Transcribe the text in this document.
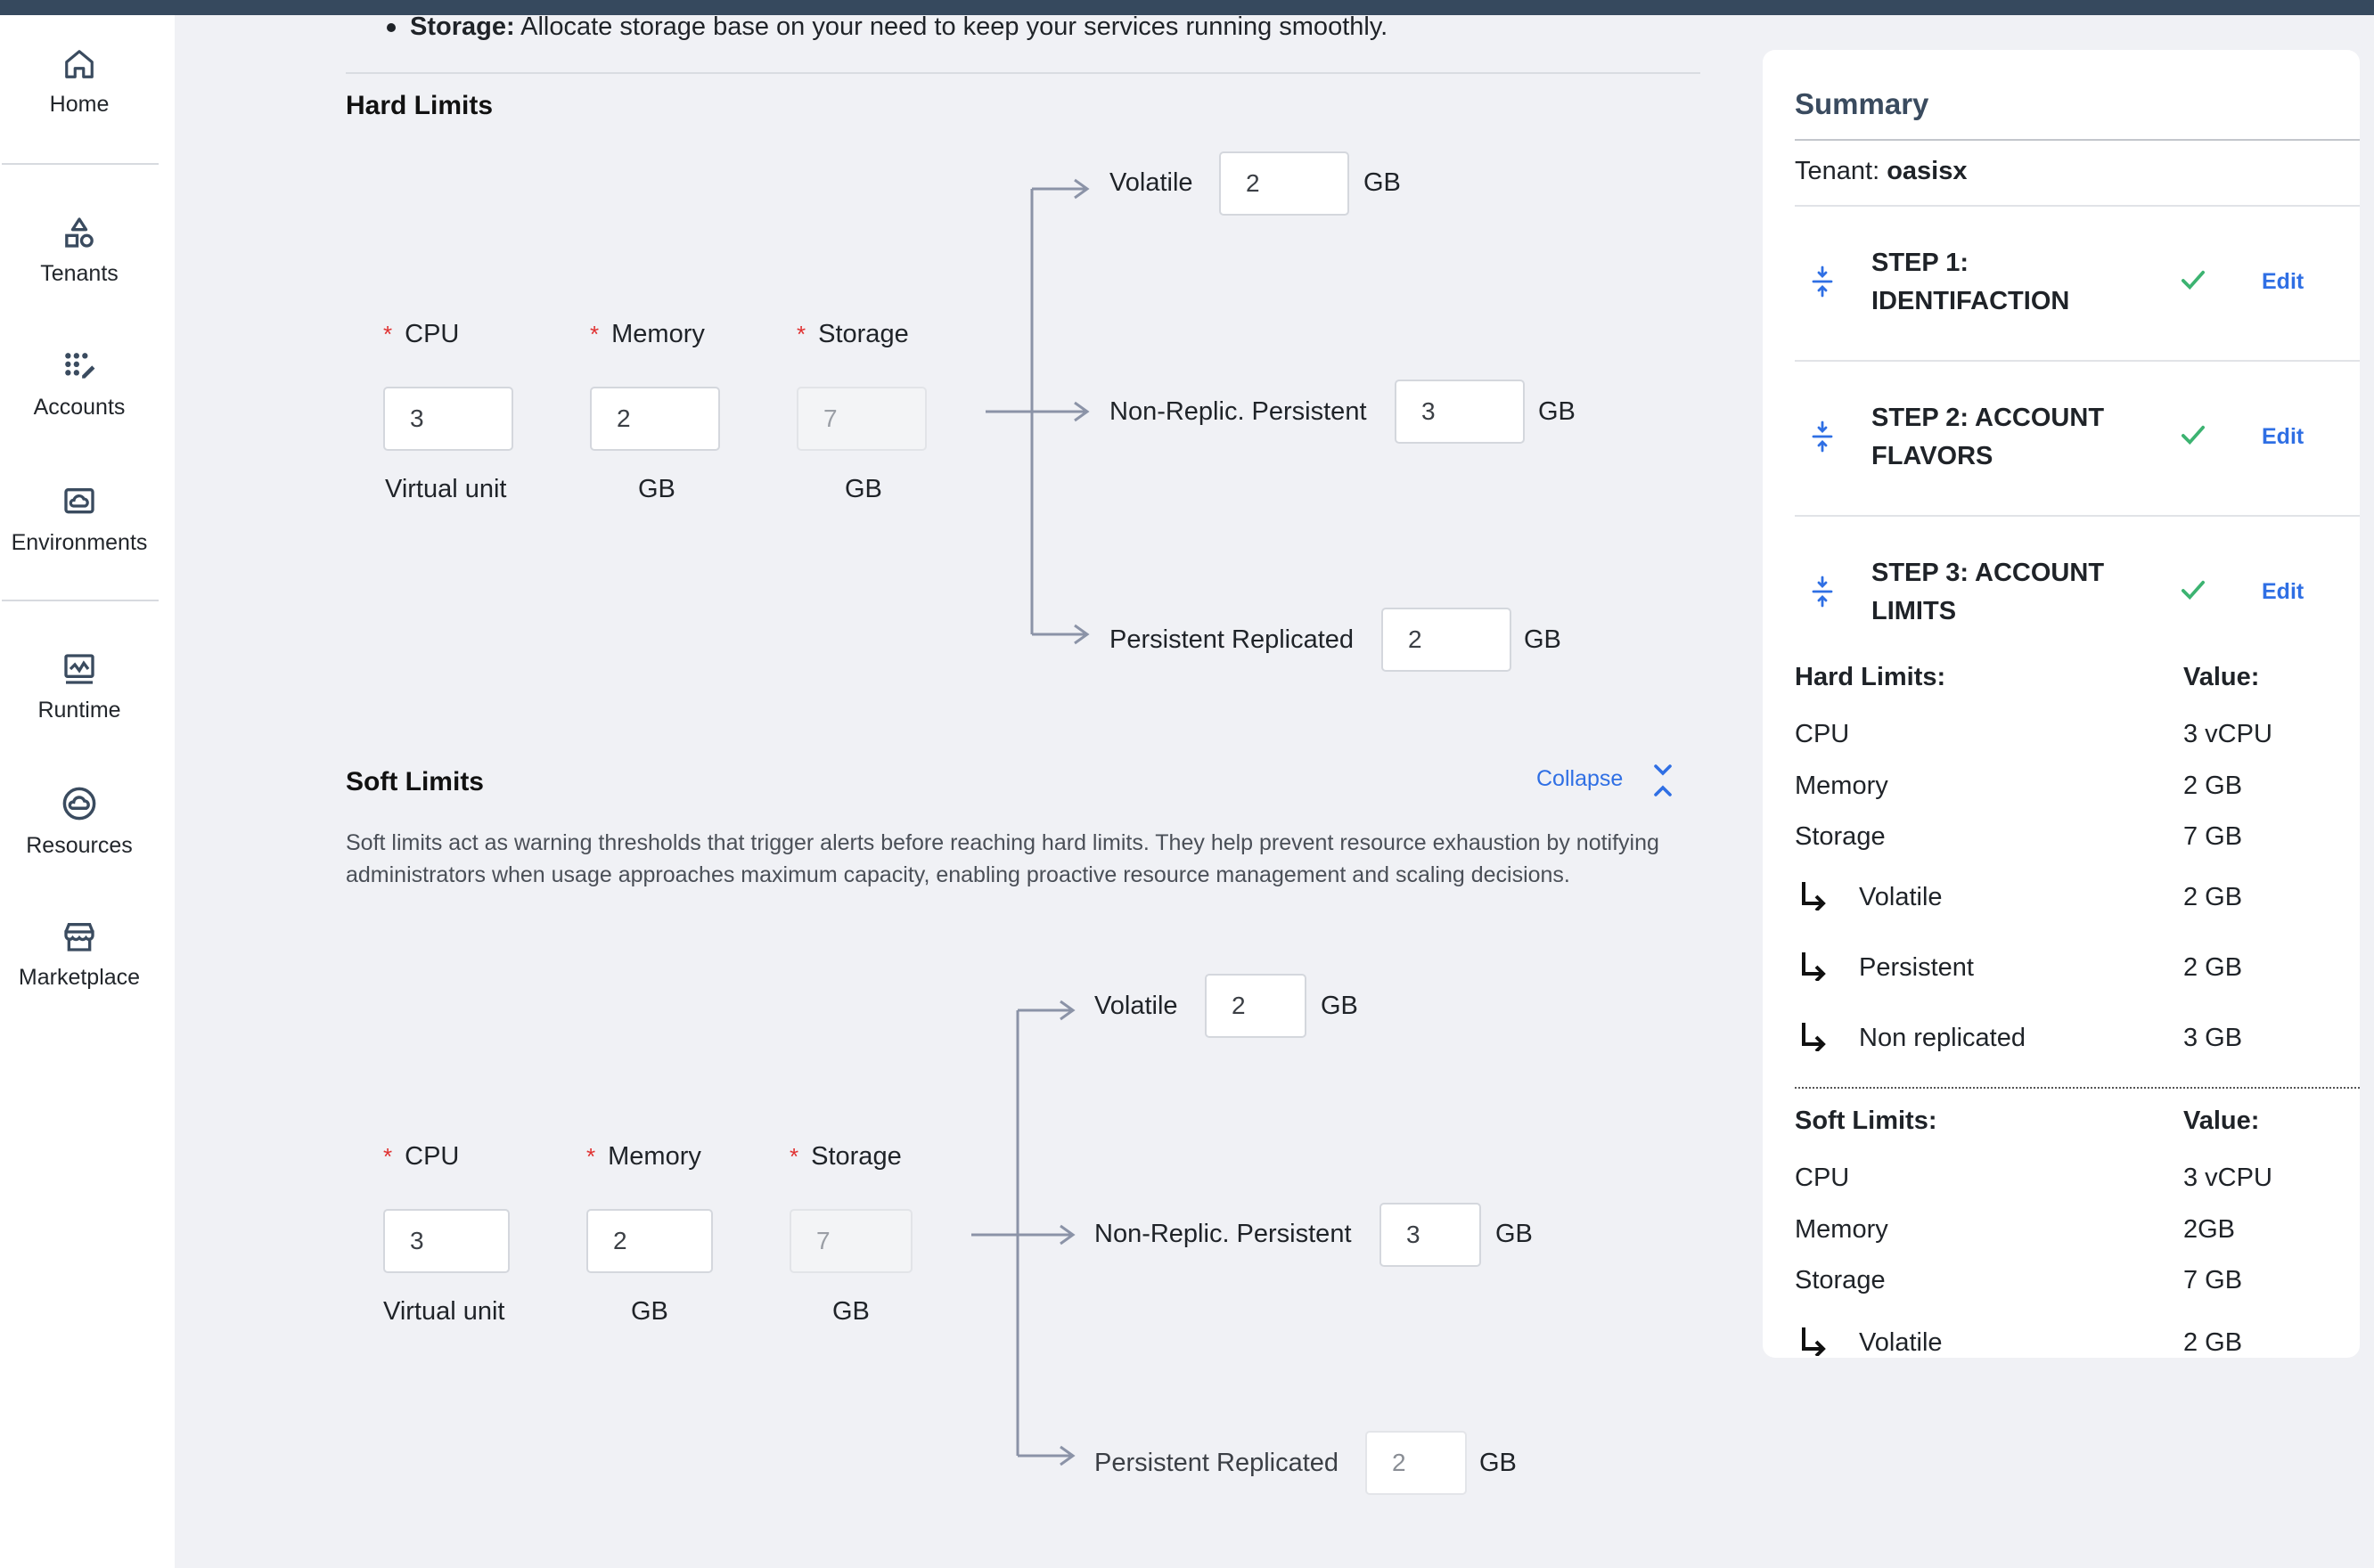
Home
Tenants
Accounts
Environments
Runtime
Resources
Marketplace
Storage: Allocate storage base on your need to keep your services running smoothly.
Hard Limits
* CPU	* Memory	* Storage
3	2	7
Virtual unit	GB	GB
Volatile	2	GB
Non-Replic. Persistent	3	GB
Persistent Replicated	2	GB
Soft Limits	Collapse
Soft limits act as warning thresholds that trigger alerts before reaching hard limits. They help prevent resource exhaustion by notifying administrators when usage approaches maximum capacity, enabling proactive resource management and scaling decisions.
* CPU	* Memory	* Storage
3	2	7
Virtual unit	GB	GB
Volatile	2	GB
Non-Replic. Persistent	3	GB
Persistent Replicated	2	GB
Summary
Tenant: oasisx
STEP 1: IDENTIFACTION
Edit
STEP 2: ACCOUNT FLAVORS
Edit
STEP 3: ACCOUNT LIMITS
Edit
Hard Limits:	Value:
CPU	3 vCPU
Memory	2 GB
Storage	7 GB
Volatile	2 GB
Persistent	2 GB
Non replicated	3 GB
Soft Limits:	Value:
CPU	3 vCPU
Memory	2GB
Storage	7 GB
Volatile	2 GB
